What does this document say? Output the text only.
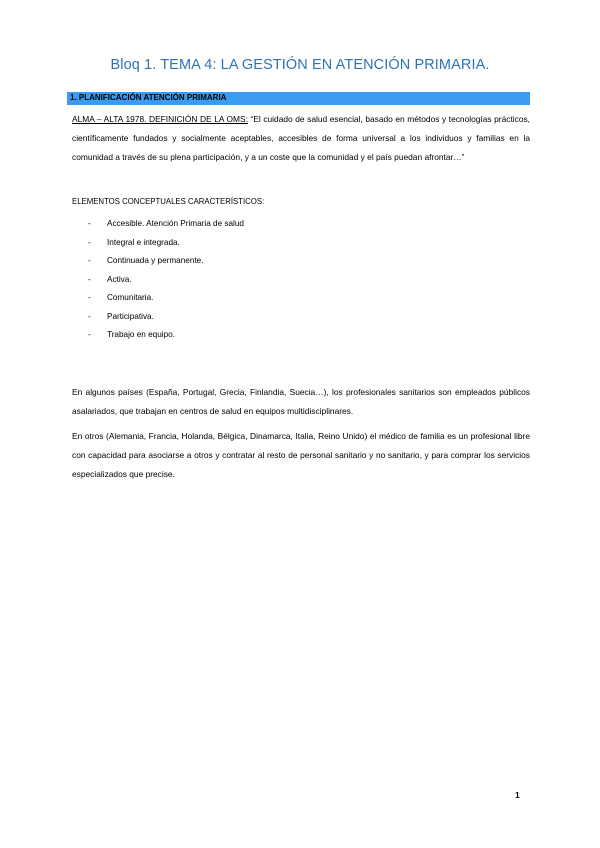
Bloq 1. TEMA 4: LA GESTIÓN EN ATENCIÓN PRIMARIA.
1. PLANIFICACIÓN ATENCIÓN PRIMARIA

ALMA – ALTA 1978. DEFINICIÓN DE LA OMS: “El cuidado de salud esencial, basado en métodos y tecnologías prácticos, científicamente fundados y socialmente aceptables, accesibles de forma universal a los individuos y familias en la comunidad a través de su plena participación, y a un coste que la comunidad y el país puedan afrontar…”

ELEMENTOS CONCEPTUALES CARACTERÍSTICOS:
-	Accesible. Atención Primaria de salud
-	Integral e integrada.
-	Continuada y permanente.
-	Activa.
-	Comunitaria.
-	Participativa.
-	Trabajo en equipo.

En algunos países (España, Portugal, Grecia, Finlandia, Suecia…), los profesionales sanitarios son empleados públicos asalariados, que trabajan en centros de salud en equipos multidisciplinares.

En otros (Alemania, Francia, Holanda, Bélgica, Dinamarca, Italia, Reino Unido) el médico de familia es un profesional libre con capacidad para asociarse a otros y contratar al resto de personal sanitario y no sanitario, y para comprar los servicios especializados que precise.

1
